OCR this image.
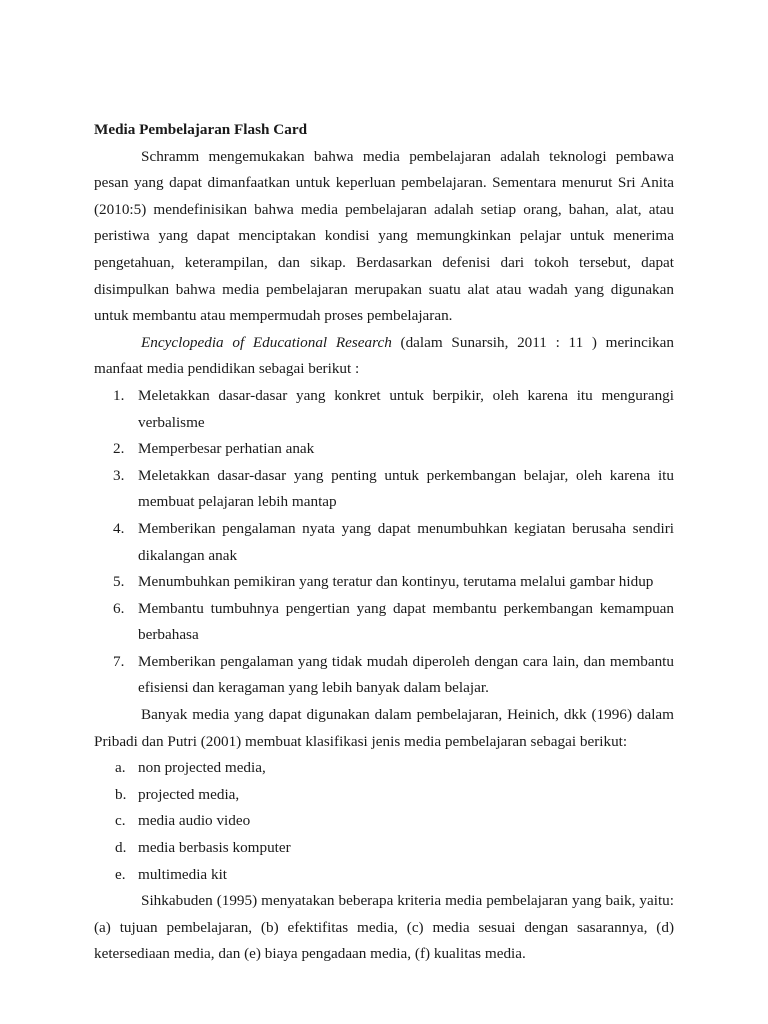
Media Pembelajaran Flash Card

Schramm mengemukakan bahwa media pembelajaran adalah teknologi pembawa pesan yang dapat dimanfaatkan untuk keperluan pembelajaran. Sementara menurut Sri Anita (2010:5) mendefinisikan bahwa media pembelajaran adalah setiap orang, bahan, alat, atau peristiwa yang dapat menciptakan kondisi yang memungkinkan pelajar untuk menerima pengetahuan, keterampilan, dan sikap. Berdasarkan defenisi dari tokoh tersebut, dapat disimpulkan bahwa media pembelajaran merupakan suatu alat atau wadah yang digunakan untuk membantu atau mempermudah proses pembelajaran.

Encyclopedia of Educational Research (dalam Sunarsih, 2011 : 11 ) merincikan manfaat media pendidikan sebagai berikut :

1. Meletakkan dasar-dasar yang konkret untuk berpikir, oleh karena itu mengurangi verbalisme
2. Memperbesar perhatian anak
3. Meletakkan dasar-dasar yang penting untuk perkembangan belajar, oleh karena itu membuat pelajaran lebih mantap
4. Memberikan pengalaman nyata yang dapat menumbuhkan kegiatan berusaha sendiri dikalangan anak
5. Menumbuhkan pemikiran yang teratur dan kontinyu, terutama melalui gambar hidup
6. Membantu tumbuhnya pengertian yang dapat membantu perkembangan kemampuan berbahasa
7. Memberikan pengalaman yang tidak mudah diperoleh dengan cara lain, dan membantu efisiensi dan keragaman yang lebih banyak dalam belajar.

Banyak media yang dapat digunakan dalam pembelajaran, Heinich, dkk (1996) dalam Pribadi dan Putri (2001) membuat klasifikasi jenis media pembelajaran sebagai berikut:

a. non projected media,
b. projected media,
c. media audio video
d. media berbasis komputer
e. multimedia kit

Sihkabuden (1995) menyatakan beberapa kriteria media pembelajaran yang baik, yaitu: (a) tujuan pembelajaran, (b) efektifitas media, (c) media sesuai dengan sasarannya, (d) ketersediaan media, dan (e) biaya pengadaan media, (f) kualitas media.
